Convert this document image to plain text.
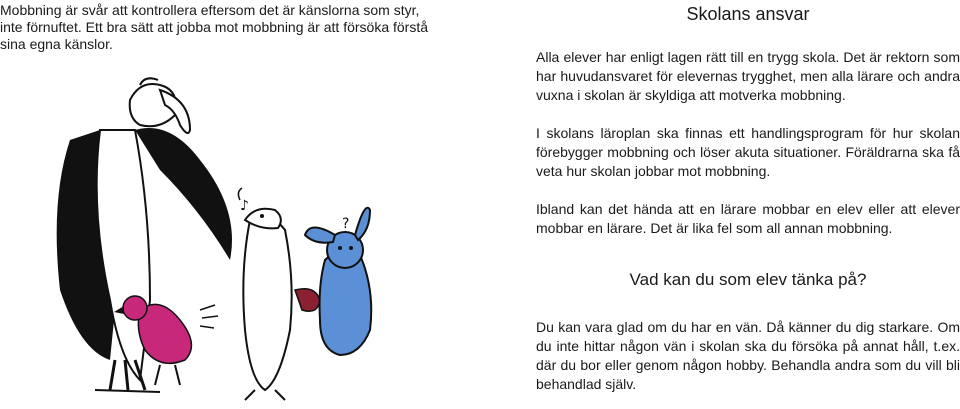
Mobbning är svår att kontrollera eftersom det är känslorna som styr, inte förnuftet. Ett bra sätt att jobba mot mobbning är att försöka förstå sina egna känslor.

?
♪
Skolans ansvar

Alla elever har enligt lagen rätt till en trygg skola. Det är rektorn som har huvudansvaret för elevernas trygghet, men alla lärare och andra vuxna i skolan är skyldiga att motverka mobbning.

I skolans läroplan ska finnas ett handlingsprogram för hur skolan förebygger mobbning och löser akuta situationer. Föräldrarna ska få veta hur skolan jobbar mot mobbning.

Ibland kan det hända att en lärare mobbar en elev eller att elever mobbar en lärare. Det är lika fel som all annan mobbning.

Vad kan du som elev tänka på?

Du kan vara glad om du har en vän. Då känner du dig starkare. Om du inte hittar någon vän i skolan ska du försöka på annat håll, t.ex. där du bor eller genom någon hobby. Behandla andra som du vill bli behandlad själv.
